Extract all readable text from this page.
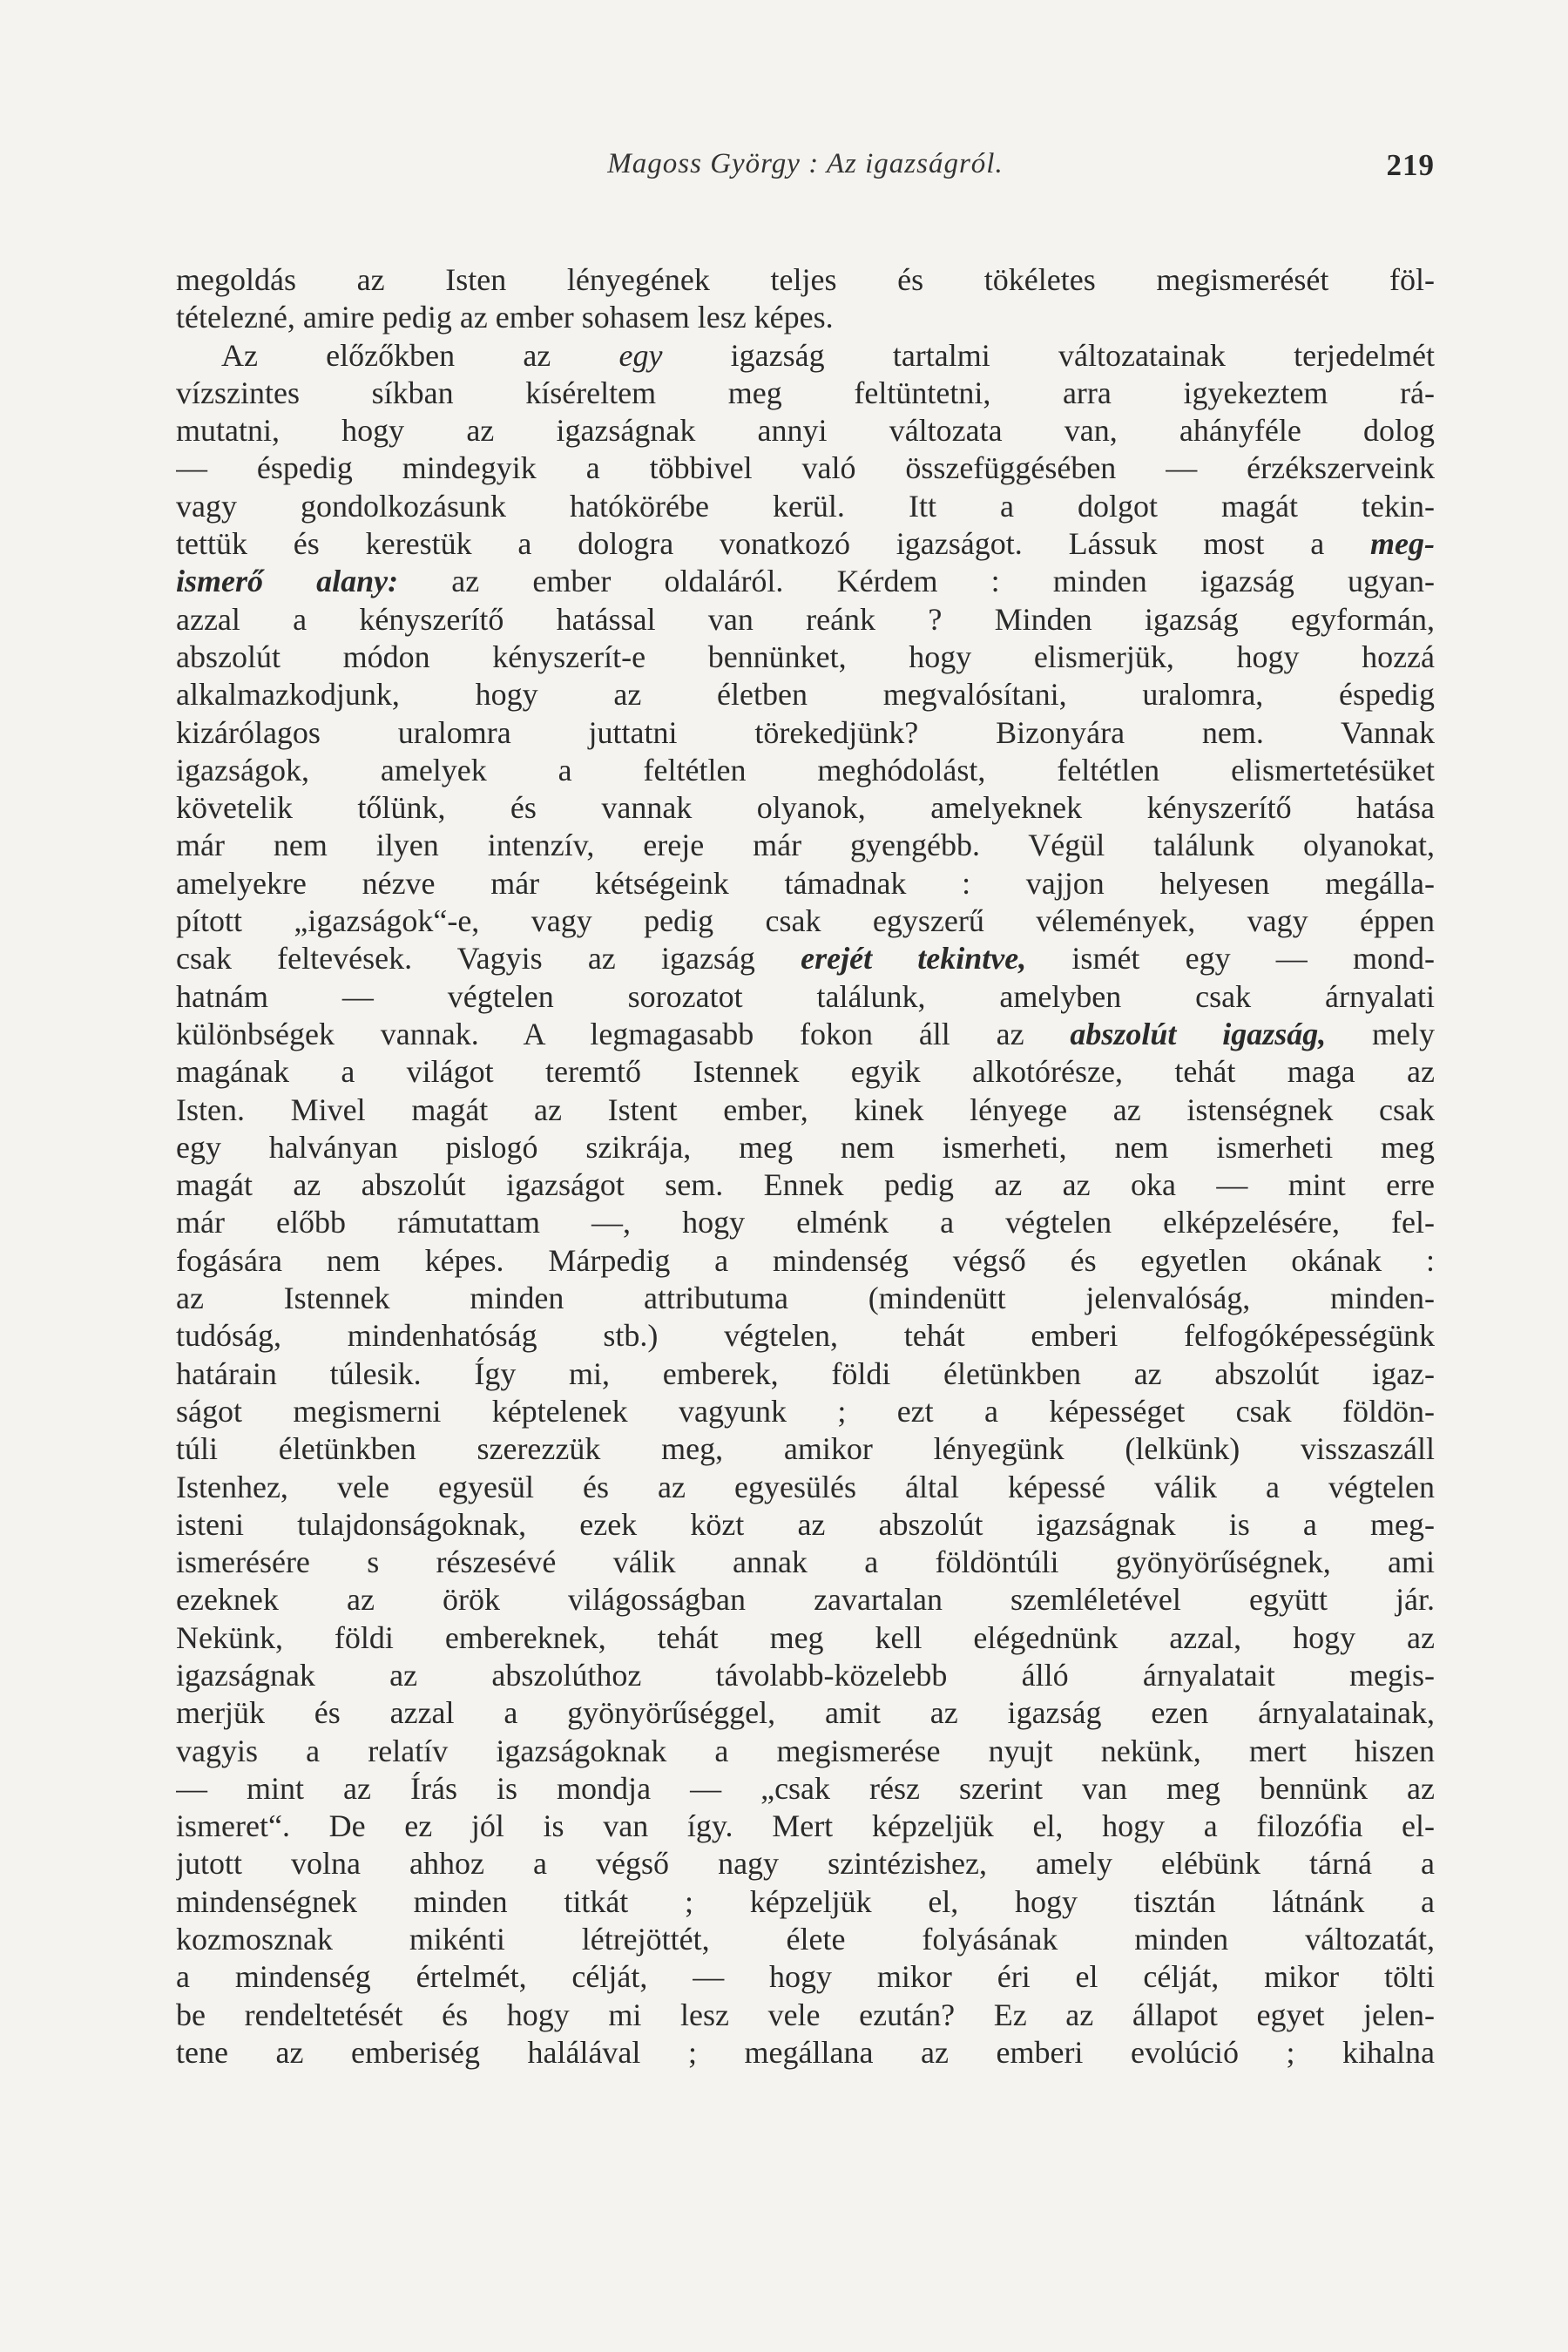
Magoss György : Az igazságról.	219
megoldás az Isten lényegének teljes és tökéletes megismerését föl-
tételezné, amire pedig az ember sohasem lesz képes.
Az előzőkben az egy igazság tartalmi változatainak terjedelmét
vízszintes síkban kíséreltem meg feltüntetni, arra igyekeztem rá-
mutatni, hogy az igazságnak annyi változata van, ahányféle dolog
— éspedig mindegyik a többivel való összefüggésében — érzékszerveink
vagy gondolkozásunk hatókörébe kerül. Itt a dolgot magát tekin-
tettük és kerestük a dologra vonatkozó igazságot. Lássuk most a meg-
ismerő alany: az ember oldaláról. Kérdem : minden igazság ugyan-
azzal a kényszerítő hatással van reánk ? Minden igazság egyformán,
abszolút módon kényszerít-e bennünket, hogy elismerjük, hogy hozzá
alkalmazkodjunk, hogy az életben megvalósítani, uralomra, éspedig
kizárólagos uralomra juttatni törekedjünk? Bizonyára nem. Vannak
igazságok, amelyek a feltétlen meghódolást, feltétlen elismertetésüket
követelik tőlünk, és vannak olyanok, amelyeknek kényszerítő hatása
már nem ilyen intenzív, ereje már gyengébb. Végül találunk olyanokat,
amelyekre nézve már kétségeink támadnak : vajjon helyesen megálla-
pított „igazságok“-e, vagy pedig csak egyszerű vélemények, vagy éppen
csak feltevések. Vagyis az igazság erejét tekintve, ismét egy — mond-
hatnám — végtelen sorozatot találunk, amelyben csak árnyalati
különbségek vannak. A legmagasabb fokon áll az abszolút igazság, mely
magának a világot teremtő Istennek egyik alkotórésze, tehát maga az
Isten. Mivel magát az Istent ember, kinek lényege az istenségnek csak
egy halványan pislogó szikrája, meg nem ismerheti, nem ismerheti meg
magát az abszolút igazságot sem. Ennek pedig az az oka — mint erre
már előbb rámutattam —, hogy elménk a végtelen elképzelésére, fel-
fogására nem képes. Márpedig a mindenség végső és egyetlen okának :
az Istennek minden attributuma (mindenütt jelenvalóság, minden-
tudóság, mindenhatóság stb.) végtelen, tehát emberi felfogóképességünk
határain túlesik. Így mi, emberek, földi életünkben az abszolút igaz-
ságot megismerni képtelenek vagyunk ; ezt a képességet csak földön-
túli életünkben szerezzük meg, amikor lényegünk (lelkünk) visszaszáll
Istenhez, vele egyesül és az egyesülés által képessé válik a végtelen
isteni tulajdonságoknak, ezek közt az abszolút igazságnak is a meg-
ismerésére s részesévé válik annak a földöntúli gyönyörűségnek, ami
ezeknek az örök világosságban zavartalan szemléletével együtt jár.
Nekünk, földi embereknek, tehát meg kell elégednünk azzal, hogy az
igazságnak az abszolúthoz távolabb-közelebb álló árnyalatait megis-
merjük és azzal a gyönyörűséggel, amit az igazság ezen árnyalatainak,
vagyis a relatív igazságoknak a megismerése nyujt nekünk, mert hiszen
— mint az Írás is mondja — „csak rész szerint van meg bennünk az
ismeret“. De ez jól is van így. Mert képzeljük el, hogy a filozófia el-
jutott volna ahhoz a végső nagy szintézishez, amely elébünk tárná a
mindenségnek minden titkát ; képzeljük el, hogy tisztán látnánk a
kozmosznak mikénti létrejöttét, élete folyásának minden változatát,
a mindenség értelmét, célját, — hogy mikor éri el célját, mikor tölti
be rendeltetését és hogy mi lesz vele ezután? Ez az állapot egyet jelen-
tene az emberiség halálával ; megállana az emberi evolúció ; kihalna
